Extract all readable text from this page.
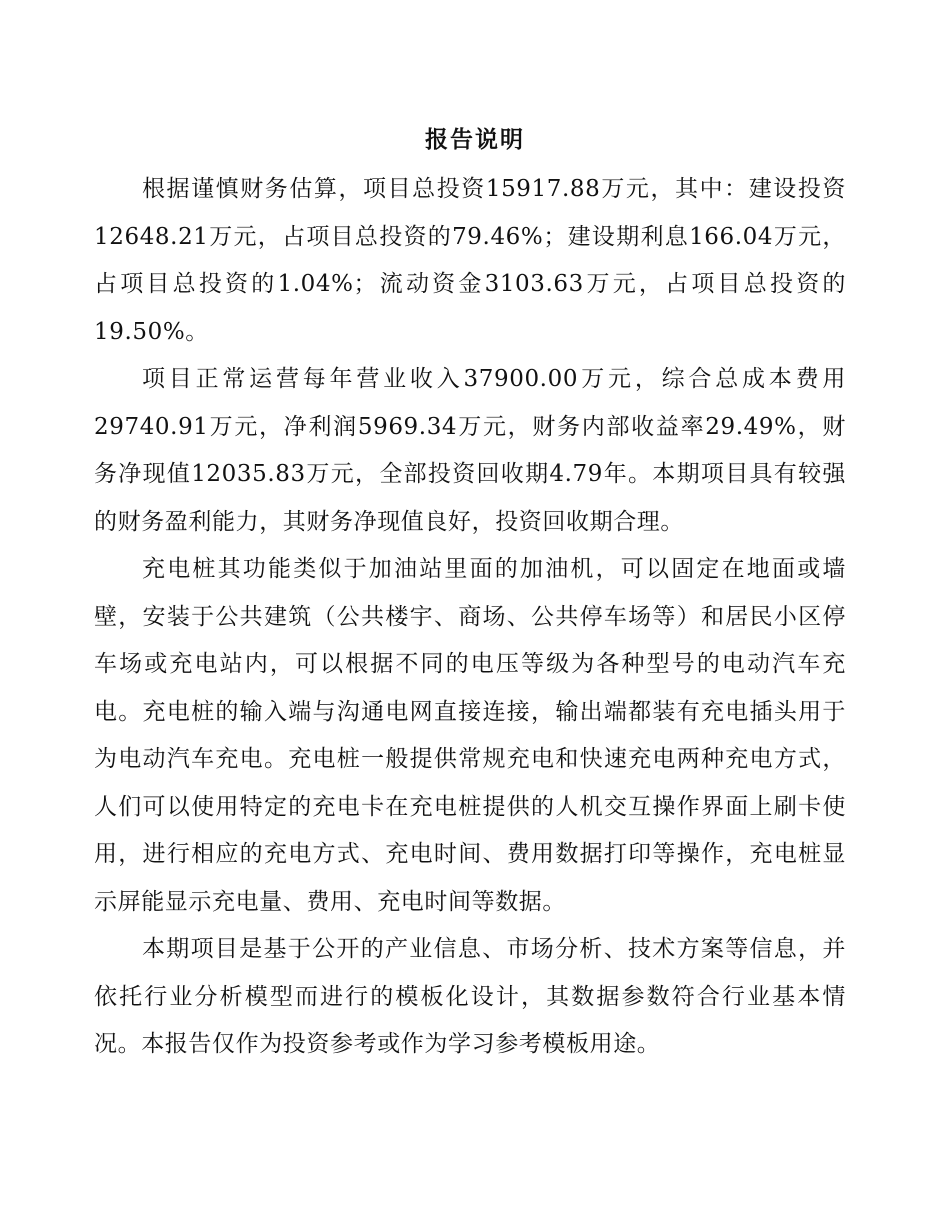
报告说明

根据谨慎财务估算，项目总投资15917.88万元，其中：建设投资12648.21万元，占项目总投资的79.46%；建设期利息166.04万元，占项目总投资的1.04%；流动资金3103.63万元，占项目总投资的19.50%。

项目正常运营每年营业收入37900.00万元，综合总成本费用29740.91万元，净利润5969.34万元，财务内部收益率29.49%，财务净现值12035.83万元，全部投资回收期4.79年。本期项目具有较强的财务盈利能力，其财务净现值良好，投资回收期合理。

充电桩其功能类似于加油站里面的加油机，可以固定在地面或墙壁，安装于公共建筑（公共楼宇、商场、公共停车场等）和居民小区停车场或充电站内，可以根据不同的电压等级为各种型号的电动汽车充电。充电桩的输入端与沟通电网直接连接，输出端都装有充电插头用于为电动汽车充电。充电桩一般提供常规充电和快速充电两种充电方式，人们可以使用特定的充电卡在充电桩提供的人机交互操作界面上刷卡使用，进行相应的充电方式、充电时间、费用数据打印等操作，充电桩显示屏能显示充电量、费用、充电时间等数据。

本期项目是基于公开的产业信息、市场分析、技术方案等信息，并依托行业分析模型而进行的模板化设计，其数据参数符合行业基本情况。本报告仅作为投资参考或作为学习参考模板用途。
